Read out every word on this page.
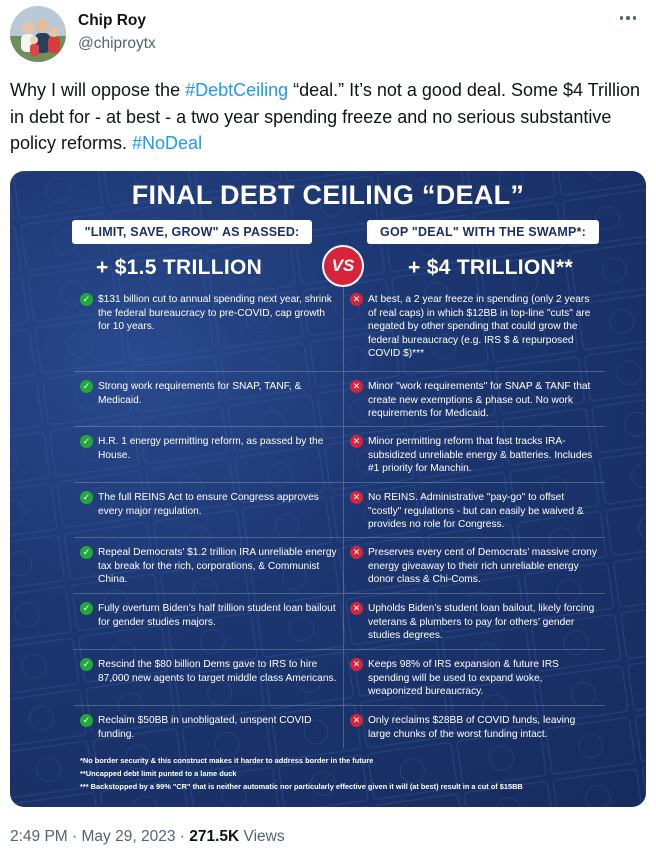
Chip Roy
@chiproytx
Why I will oppose the #DebtCeiling “deal.” It’s not a good deal. Some $4 Trillion in debt for - at best - a two year spending freeze and no serious substantive policy reforms. #NoDeal
FINAL DEBT CEILING “DEAL”
"LIMIT, SAVE, GROW" AS PASSED:	GOP "DEAL" WITH THE SWAMP*:
+ $1.5 TRILLION	+ $4 TRILLION**
VS
✓ $131 billion cut to annual spending next year, shrink the federal bureaucracy to pre-COVID, cap growth for 10 years.
✕ At best, a 2 year freeze in spending (only 2 years of real caps) in which $12BB in top-line "cuts" are negated by other spending that could grow the federal bureaucracy (e.g. IRS $ & repurposed COVID $)***
✓ Strong work requirements for SNAP, TANF, & Medicaid.
✕ Minor "work requirements" for SNAP & TANF that create new exemptions & phase out. No work requirements for Medicaid.
✓ H.R. 1 energy permitting reform, as passed by the House.
✕ Minor permitting reform that fast tracks IRA-subsidized unreliable energy & batteries. Includes #1 priority for Manchin.
✓ The full REINS Act to ensure Congress approves every major regulation.
✕ No REINS. Administrative "pay-go" to offset "costly" regulations - but can easily be waived & provides no role for Congress.
✓ Repeal Democrats’ $1.2 trillion IRA unreliable energy tax break for the rich, corporations, & Communist China.
✕ Preserves every cent of Democrats’ massive crony energy giveaway to their rich unreliable energy donor class & Chi-Coms.
✓ Fully overturn Biden’s half trillion student loan bailout for gender studies majors.
✕ Upholds Biden’s student loan bailout, likely forcing veterans & plumbers to pay for others’ gender studies degrees.
✓ Rescind the $80 billion Dems gave to IRS to hire 87,000 new agents to target middle class Americans.
✕ Keeps 98% of IRS expansion & future IRS spending will be used to expand woke, weaponized bureaucracy.
✓ Reclaim $50BB in unobligated, unspent COVID funding.
✕ Only reclaims $28BB of COVID funds, leaving large chunks of the worst funding intact.
*No border security & this construct makes it harder to address border in the future
**Uncapped debt limit punted to a lame duck
*** Backstopped by a 99% "CR" that is neither automatic nor particularly effective given it will (at best) result in a cut of $15BB
2:49 PM · May 29, 2023 · 271.5K Views
